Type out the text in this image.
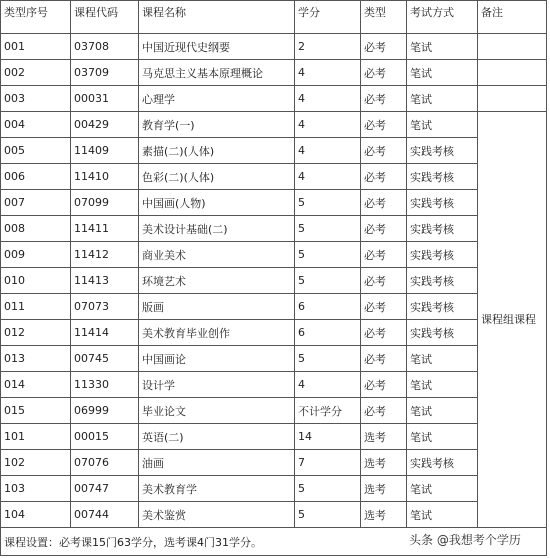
类型序号	课程代码	课程名称	学分	类型	考试方式	备注
001	03708	中国近现代史纲要	2	必考	笔试	
002	03709	马克思主义基本原理概论	4	必考	笔试	
003	00031	心理学	4	必考	笔试	
004	00429	教育学(一)	4	必考	笔试	课程组课程
005	11409	素描(二)(人体)	4	必考	实践考核	
006	11410	色彩(二)(人体)	4	必考	实践考核	
007	07099	中国画(人物)	5	必考	实践考核	
008	11411	美术设计基础(二)	5	必考	实践考核	
009	11412	商业美术	5	必考	实践考核	
010	11413	环境艺术	5	必考	实践考核	
011	07073	版画	6	必考	实践考核	
012	11414	美术教育毕业创作	6	必考	实践考核	
013	00745	中国画论	5	必考	笔试	
014	11330	设计学	4	必考	笔试	
015	06999	毕业论文	不计学分	必考	笔试	
101	00015	英语(二)	14	选考	笔试	
102	07076	油画	7	选考	实践考核	
103	00747	美术教育学	5	选考	笔试	
104	00744	美术鉴赏	5	选考	笔试	
课程设置：必考课15门63学分，选考课4门31学分。							头条 @我想考个学历
